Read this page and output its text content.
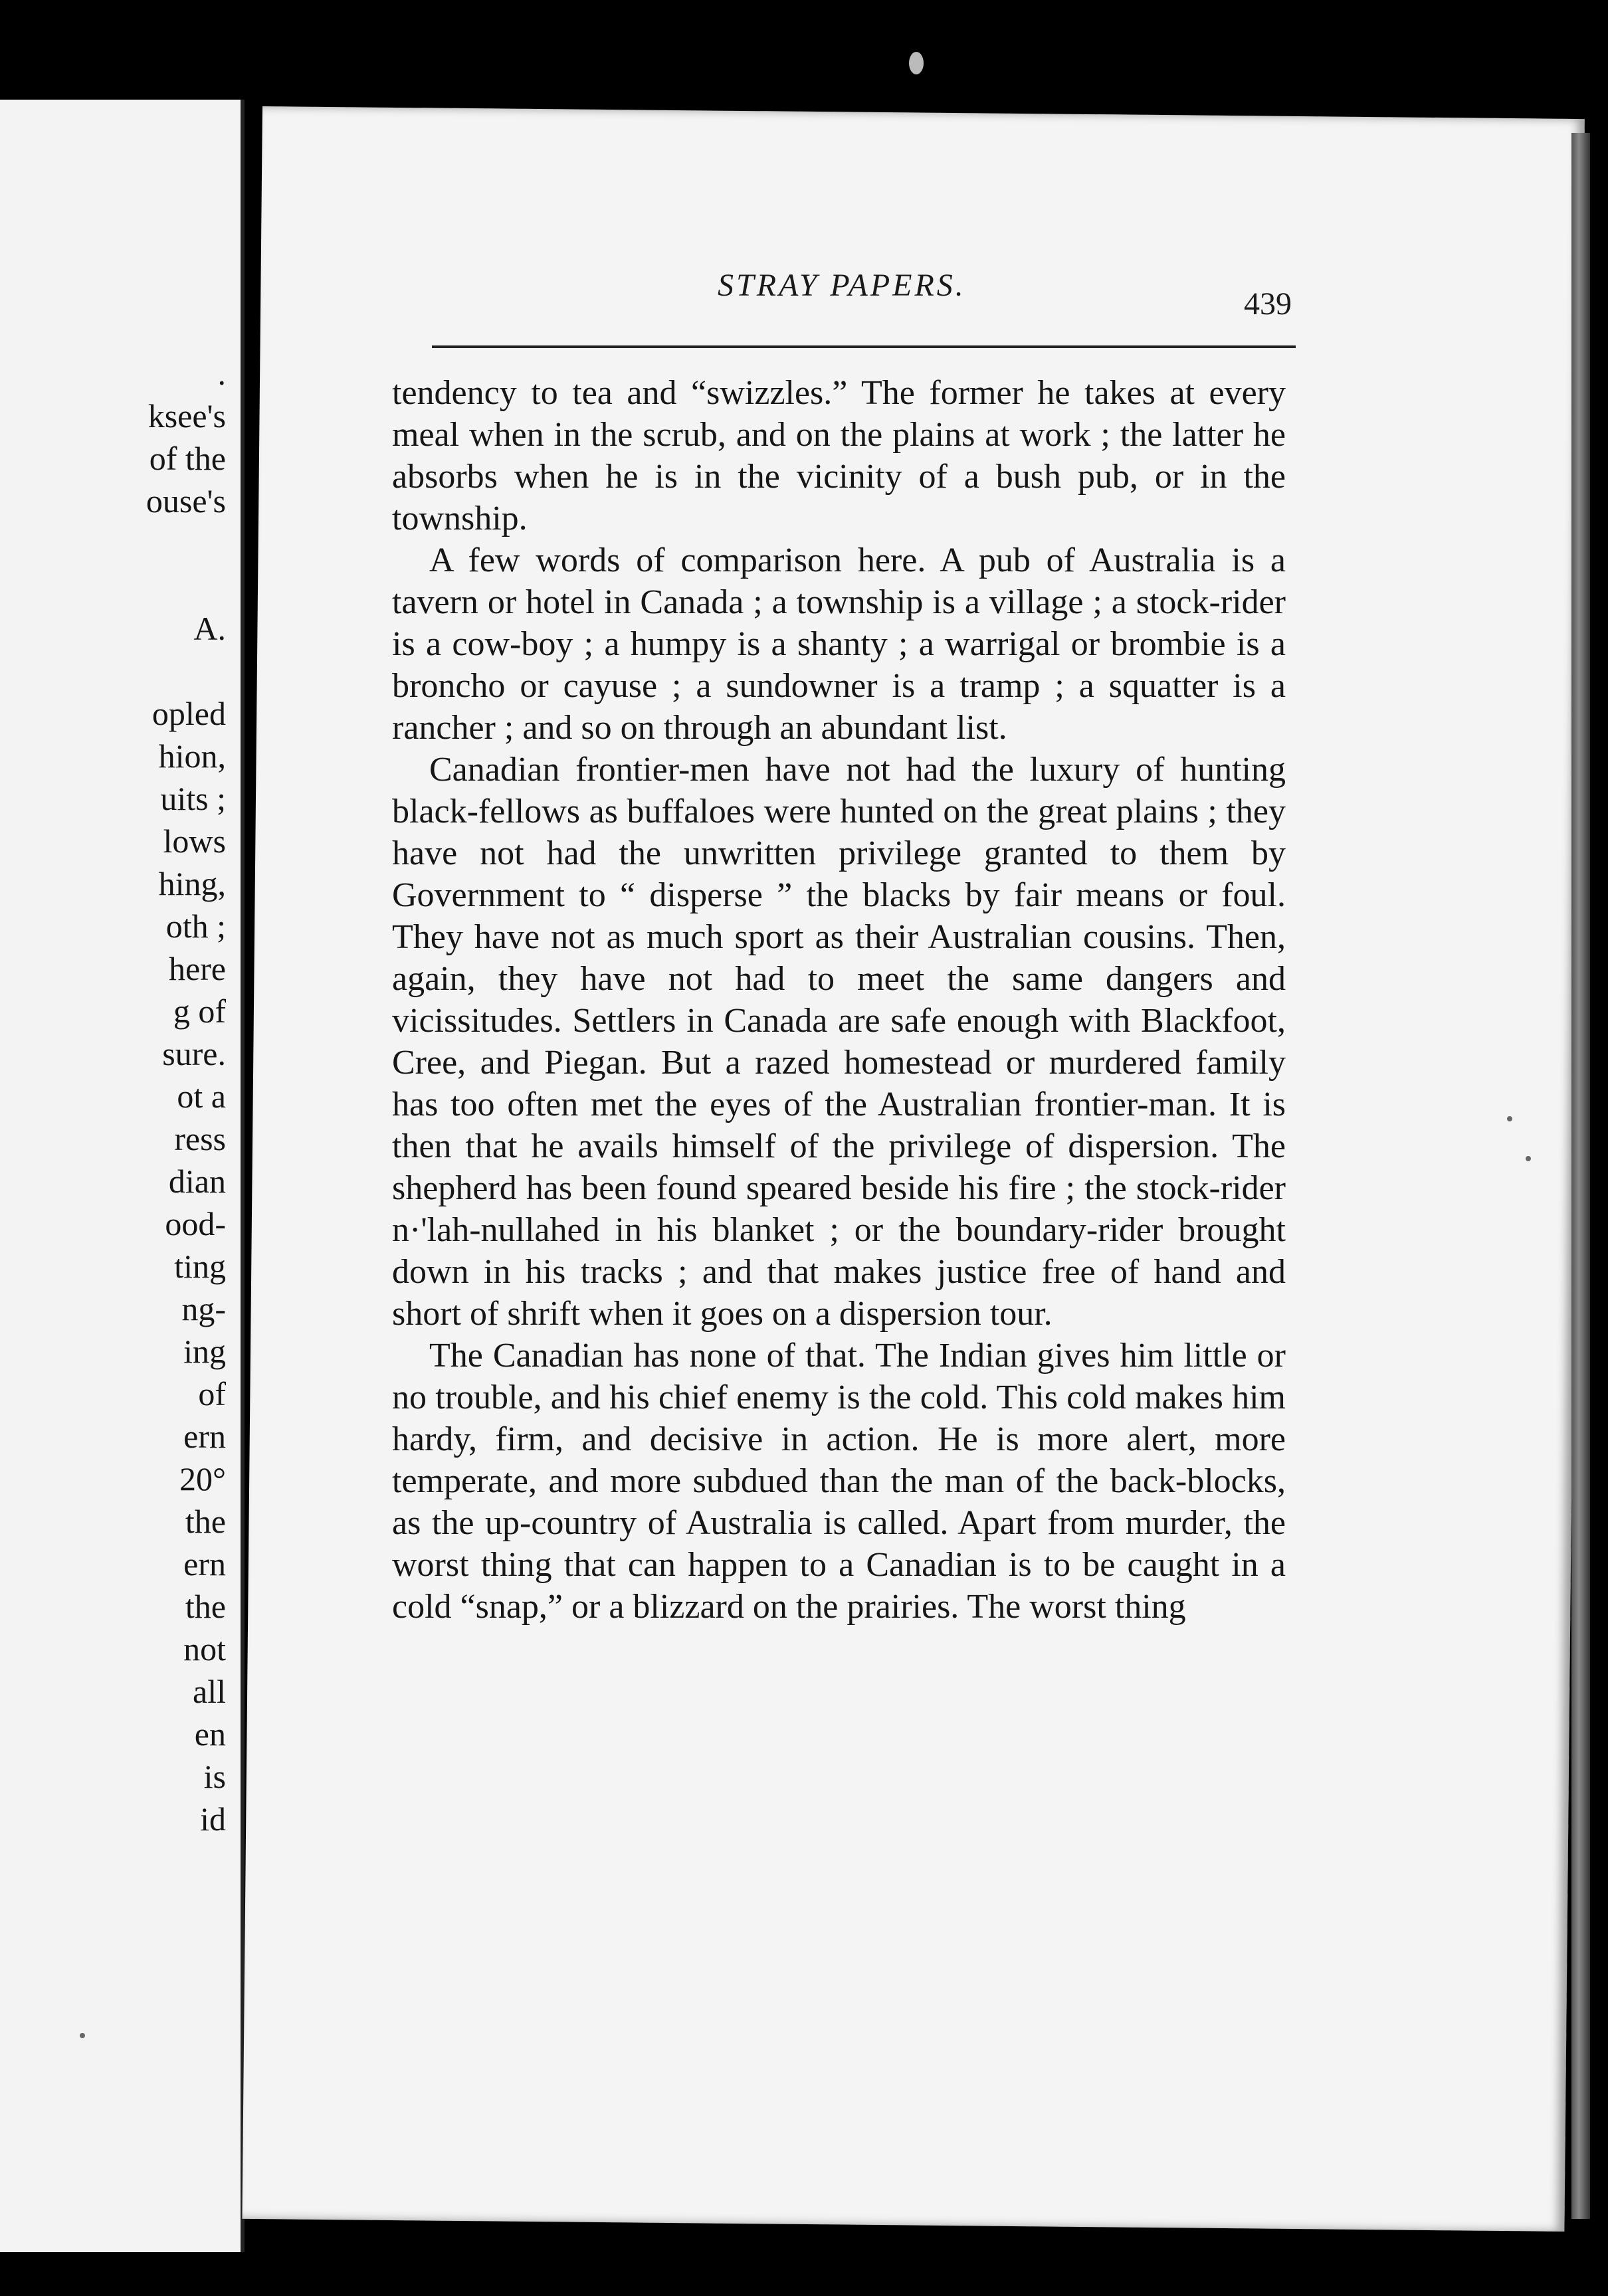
.
ksee's
of the
ouse's
A.
opled
hion,
uits ;
lows
hing,
oth ;
here
g of
sure.
ot a
ress
dian
ood-
ting
ng-
ing
of
ern
20°
the
ern
the
not
all
en
is
id
STRAY PAPERS.
439

tendency to tea and “swizzles.” The former he takes at every meal when in the scrub, and on the plains at work ; the latter he absorbs when he is in the vicinity of a bush pub, or in the township.

A few words of comparison here. A pub of Australia is a tavern or hotel in Canada ; a township is a village ; a stock-rider is a cow-boy ; a humpy is a shanty ; a warrigal or brombie is a broncho or cayuse ; a sundowner is a tramp ; a squatter is a rancher ; and so on through an abundant list.

Canadian frontier-men have not had the luxury of hunting black-fellows as buffaloes were hunted on the great plains ; they have not had the unwritten privilege granted to them by Government to “ disperse ” the blacks by fair means or foul. They have not as much sport as their Australian cousins. Then, again, they have not had to meet the same dangers and vicissitudes. Settlers in Canada are safe enough with Blackfoot, Cree, and Piegan. But a razed homestead or murdered family has too often met the eyes of the Australian frontier-man. It is then that he avails himself of the privilege of dispersion. The shepherd has been found speared beside his fire ; the stock-rider n·'lah-nullahed in his blanket ; or the boundary-rider brought down in his tracks ; and that makes justice free of hand and short of shrift when it goes on a dispersion tour.

The Canadian has none of that. The Indian gives him little or no trouble, and his chief enemy is the cold. This cold makes him hardy, firm, and decisive in action. He is more alert, more temperate, and more subdued than the man of the back-blocks, as the up-country of Australia is called. Apart from murder, the worst thing that can happen to a Canadian is to be caught in a cold “snap,” or a blizzard on the prairies. The worst thing
